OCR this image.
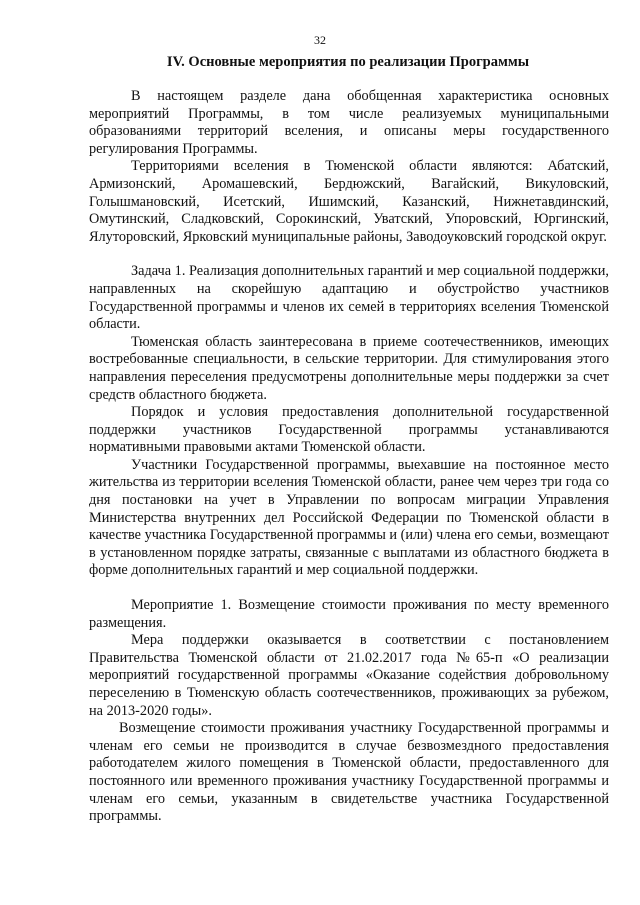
32
IV. Основные мероприятия по реализации Программы

В настоящем разделе дана обобщенная характеристика основных мероприятий Программы, в том числе реализуемых муниципальными образованиями территорий вселения, и описаны меры государственного регулирования Программы.

Территориями вселения в Тюменской области являются: Абатский, Армизонский, Аромашевский, Бердюжский, Вагайский, Викуловский, Голышмановский, Исетский, Ишимский, Казанский, Нижнетавдинский, Омутинский, Сладковский, Сорокинский, Уватский, Упоровский, Юргинский, Ялуторовский, Ярковский муниципальные районы, Заводоуковский городской округ.

Задача 1. Реализация дополнительных гарантий и мер социальной поддержки, направленных на скорейшую адаптацию и обустройство участников Государственной программы и членов их семей в территориях вселения Тюменской области.

Тюменская область заинтересована в приеме соотечественников, имеющих востребованные специальности, в сельские территории. Для стимулирования этого направления переселения предусмотрены дополнительные меры поддержки за счет средств областного бюджета.

Порядок и условия предоставления дополнительной государственной поддержки участников Государственной программы устанавливаются нормативными правовыми актами Тюменской области.

Участники Государственной программы, выехавшие на постоянное место жительства из территории вселения Тюменской области, ранее чем через три года со дня постановки на учет в Управлении по вопросам миграции Управления Министерства внутренних дел Российской Федерации по Тюменской области в качестве участника Государственной программы и (или) члена его семьи, возмещают в установленном порядке затраты, связанные с выплатами из областного бюджета в форме дополнительных гарантий и мер социальной поддержки.

Мероприятие 1. Возмещение стоимости проживания по месту временного размещения.

Мера поддержки оказывается в соответствии с постановлением Правительства Тюменской области от 21.02.2017 года №65-п «О реализации мероприятий государственной программы «Оказание содействия добровольному переселению в Тюменскую область соотечественников, проживающих за рубежом, на 2013-2020 годы».

Возмещение стоимости проживания участнику Государственной программы и членам его семьи не производится в случае безвозмездного предоставления работодателем жилого помещения в Тюменской области, предоставленного для постоянного или временного проживания участнику Государственной программы и членам его семьи, указанным в свидетельстве участника Государственной программы.
